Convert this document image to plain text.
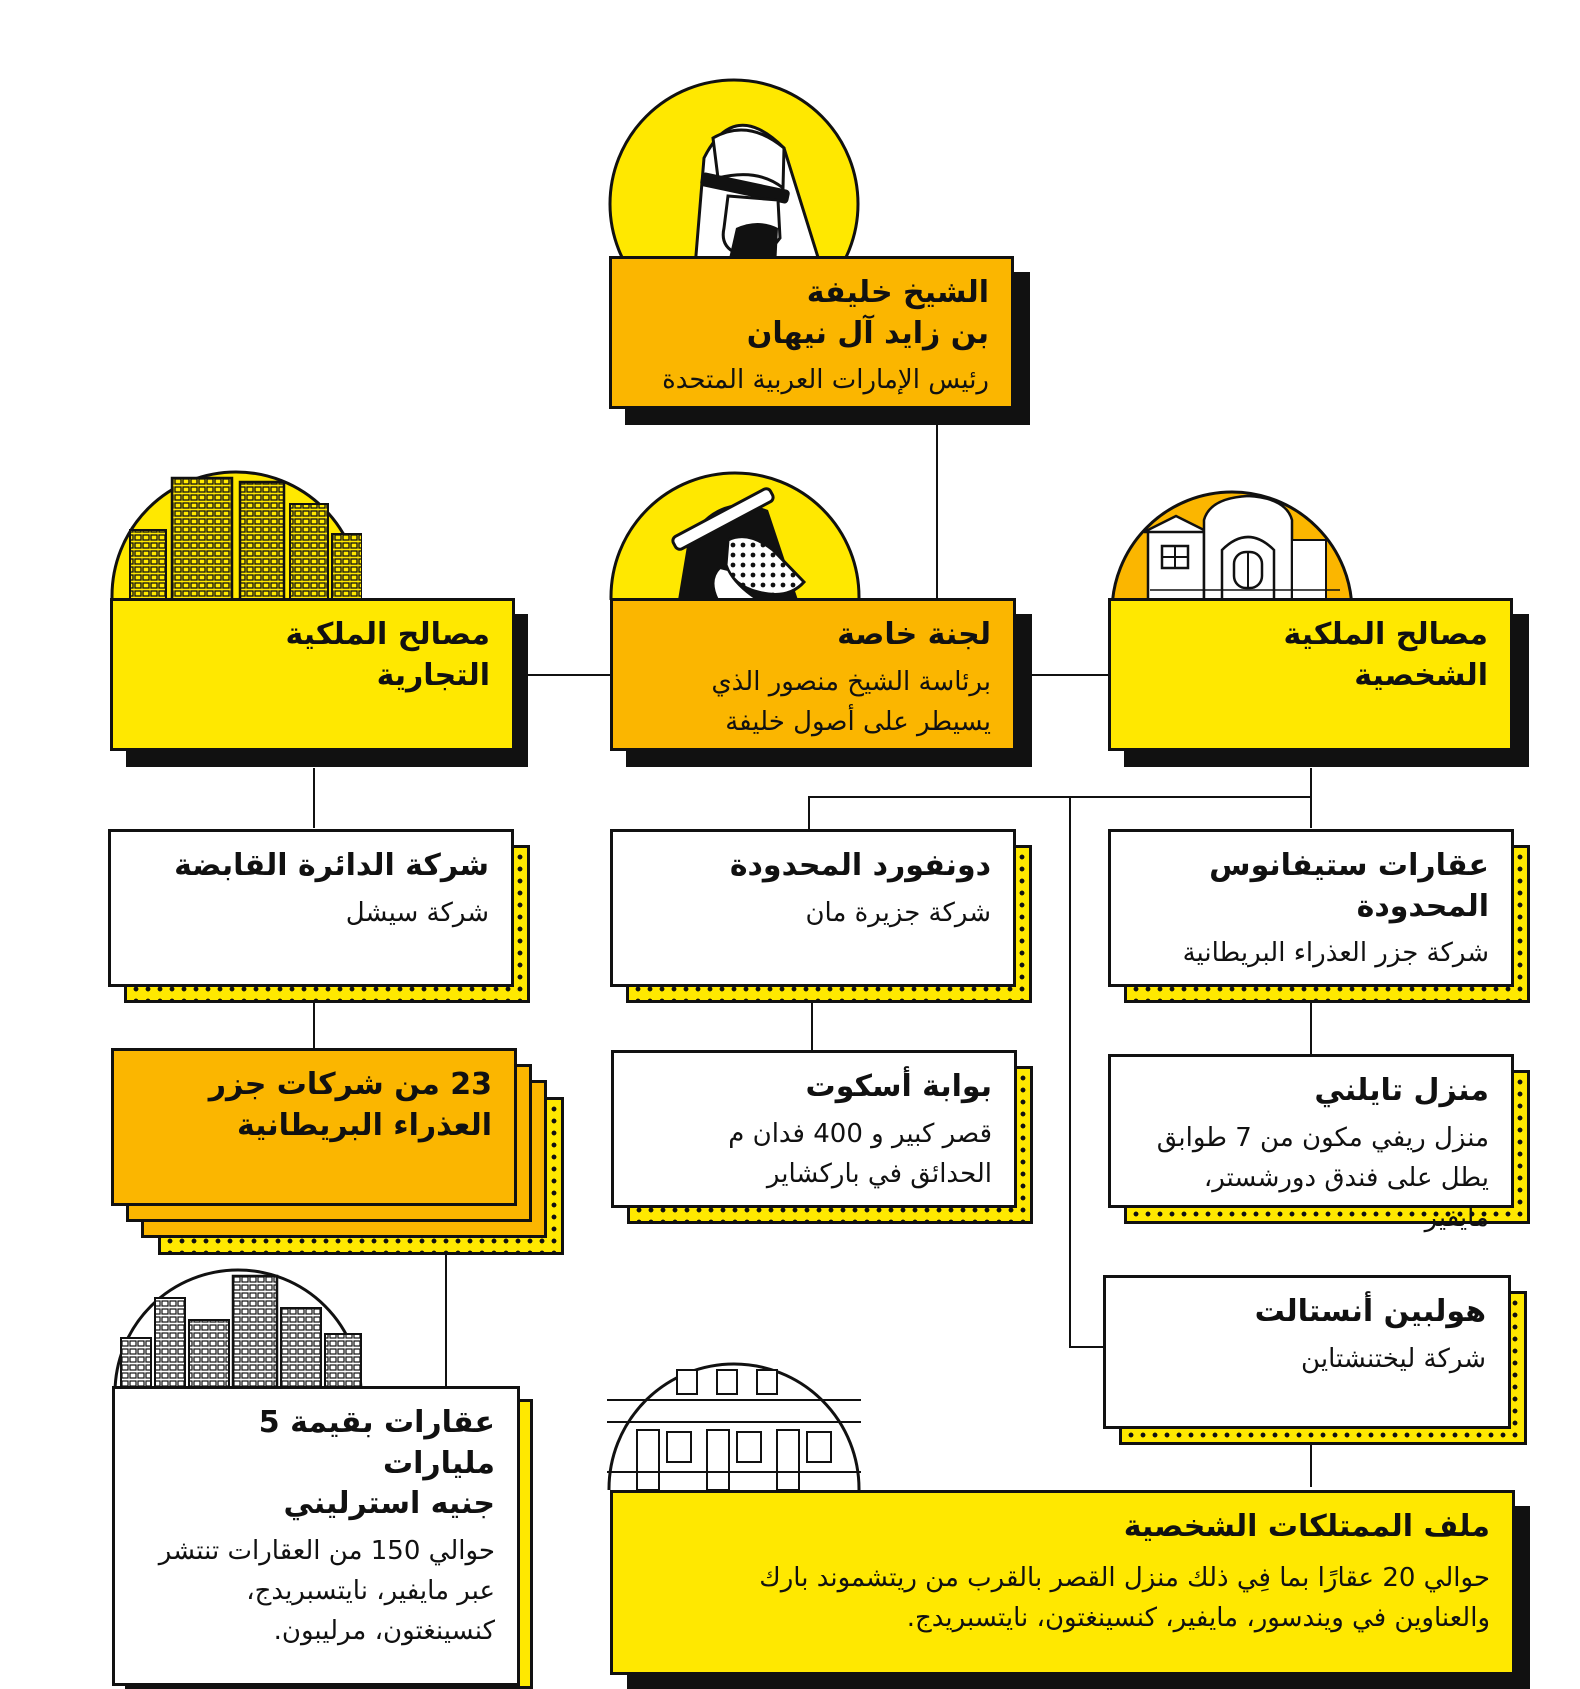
الشيخ خليفة
بن زايد آل نيهان

رئيس الإمارات العربية المتحدة

مصالح الملكية
التجارية

لجنة خاصة

برئاسة الشيخ منصور الذي
يسيطر على أصول خليفة

مصالح الملكية
الشخصية

شركة الدائرة القابضة

شركة سيشل

دونفورد المحدودة

شركة جزيرة مان

عقارات ستيفانوس
المحدودة

شركة جزر العذراء البريطانية

23 من شركات جزر
العذراء البريطانية

بوابة أسكوت

قصر كبير و 400 فدان م
الحدائق في باركشاير

منزل تايلني

منزل ريفي مكون من 7 طوابق
يطل على فندق دورشستر، مايفير

هولبين أنستالت

شركة ليختنشتاين

عقارات بقيمة 5 مليارات
جنيه استرليني

حوالي 150 من العقارات تنتشر
عبر مايفير، نايتسبريدج،
كنسينغتون، مرليبون.

ملف الممتلكات الشخصية

حوالي 20 عقارًا بما فِي ذلك منزل القصر بالقرب من ريتشموند بارك
والعناوين في ويندسور، مايفير، كنسينغتون، نايتسبريدج.
